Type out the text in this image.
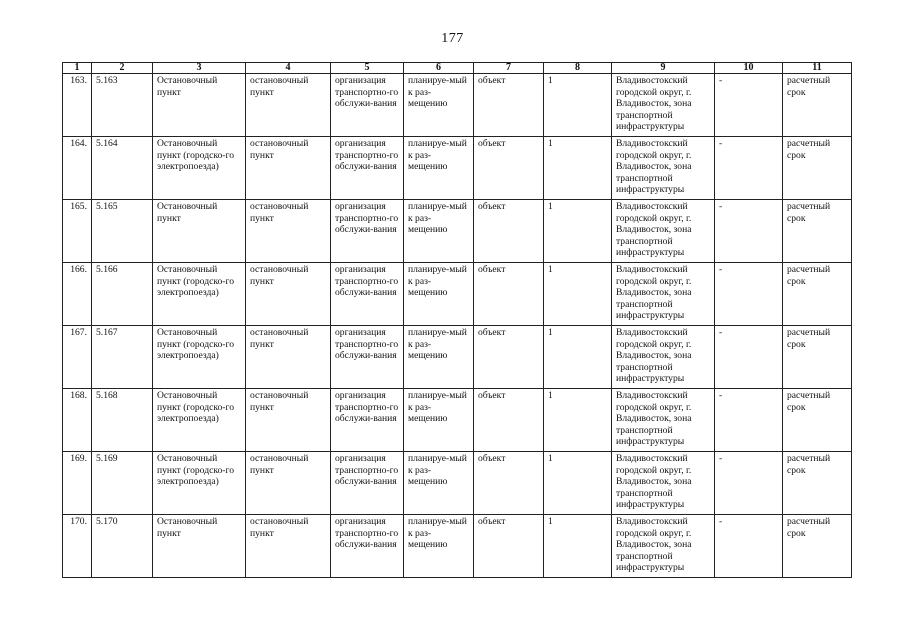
177
1	2	3	4	5	6	7	8	9	10	11
163.	5.163	Остановочный пункт	остановочный пункт	организация транспортно-го обслужи-вания	планируе-мый к раз-мещению	объект	1	Владивостокский городской округ, г. Владивосток, зона транспортной инфраструктуры	-	расчетный срок
164.	5.164	Остановочный пункт (городско-го электропоезда)	остановочный пункт	организация транспортно-го обслужи-вания	планируе-мый к раз-мещению	объект	1	Владивостокский городской округ, г. Владивосток, зона транспортной инфраструктуры	-	расчетный срок
165.	5.165	Остановочный пункт	остановочный пункт	организация транспортно-го обслужи-вания	планируе-мый к раз-мещению	объект	1	Владивостокский городской округ, г. Владивосток, зона транспортной инфраструктуры	-	расчетный срок
166.	5.166	Остановочный пункт (городско-го электропоезда)	остановочный пункт	организация транспортно-го обслужи-вания	планируе-мый к раз-мещению	объект	1	Владивостокский городской округ, г. Владивосток, зона транспортной инфраструктуры	-	расчетный срок
167.	5.167	Остановочный пункт (городско-го электропоезда)	остановочный пункт	организация транспортно-го обслужи-вания	планируе-мый к раз-мещению	объект	1	Владивостокский городской округ, г. Владивосток, зона транспортной инфраструктуры	-	расчетный срок
168.	5.168	Остановочный пункт (городско-го электропоезда)	остановочный пункт	организация транспортно-го обслужи-вания	планируе-мый к раз-мещению	объект	1	Владивостокский городской округ, г. Владивосток, зона транспортной инфраструктуры	-	расчетный срок
169.	5.169	Остановочный пункт (городско-го электропоезда)	остановочный пункт	организация транспортно-го обслужи-вания	планируе-мый к раз-мещению	объект	1	Владивостокский городской округ, г. Владивосток, зона транспортной инфраструктуры	-	расчетный срок
170.	5.170	Остановочный пункт	остановочный пункт	организация транспортно-го обслужи-вания	планируе-мый к раз-мещению	объект	1	Владивостокский городской округ, г. Владивосток, зона транспортной инфраструктуры	-	расчетный срок
